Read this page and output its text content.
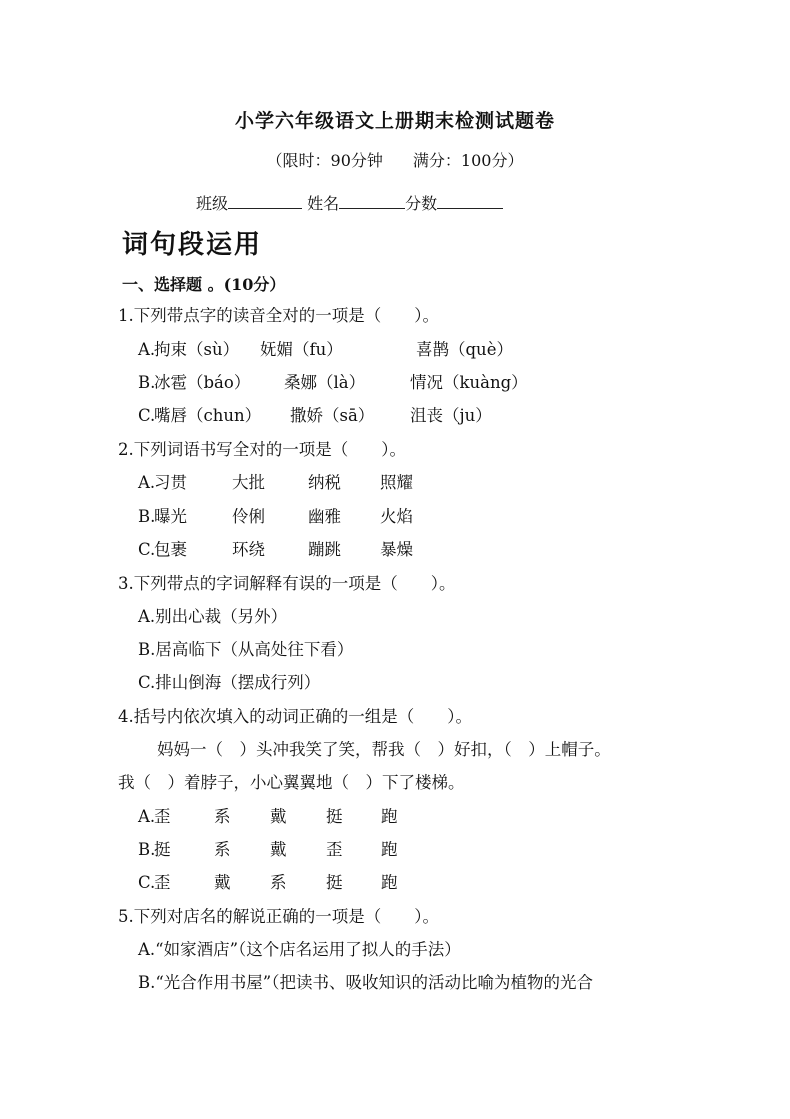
小学六年级语文上册期末检测试题卷
（限时：90分钟 满分：100分）
班级	姓名	分数
词句段运用
一、选择题 。(10分）
1.下列带点字的读音全对的一项是（　　）。
A.
拘束（sù） 妩媚（fu）	喜鹊（què）
B.
冰雹（báo） 桑娜（là）	情况（kuàng）
C.
嘴唇（chun） 撒娇（sā） 沮丧（ju）
2.下列词语书写全对的一项是（　　）。
A.
习贯	大批	纳税 照耀
B.
曝光	伶俐	幽雅 火焰
C.
包裹	环绕	蹦跳 暴燥
3.下列带点的字词解释有误的一项是（　　）。
A.别出心裁（另外）
B.居高临下（从高处往下看）
C.排山倒海（摆成行列）
4.括号内依次填入的动词正确的一组是（　　）。
妈妈一（　）头冲我笑了笑，帮我（　）好扣，（　）上帽子。
我（　）着脖子，小心翼翼地（　）下了楼梯。
A.
歪	系 戴 挺 跑
B.
挺	系 戴 歪 跑
C.
歪	戴 系 挺 跑
5.下列对店名的解说正确的一项是（　　）。
A.“如家酒店”（这个店名运用了拟人的手法）
B.“光合作用书屋”（把读书、吸收知识的活动比喻为植物的光合
